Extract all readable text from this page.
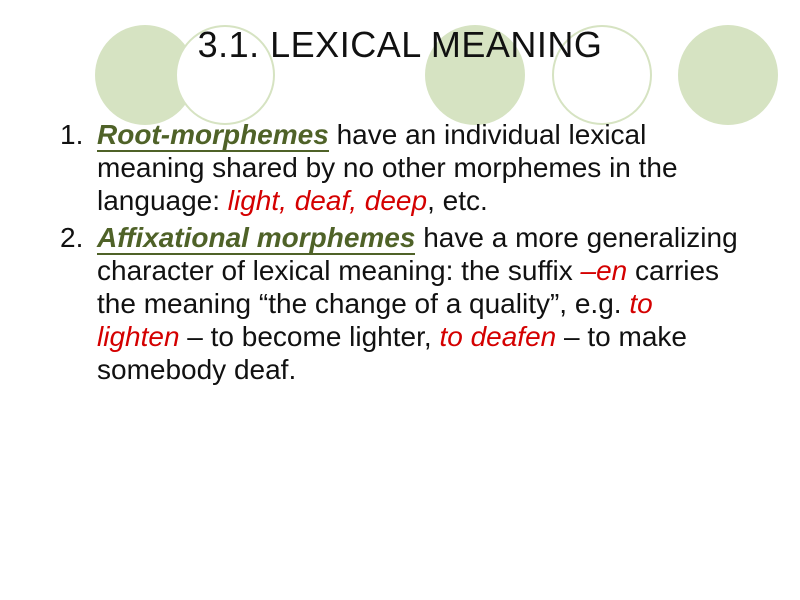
3.1. LEXICAL MEANING
1. Root-morphemes have an individual lexical meaning shared by no other morphemes in the language: light, deaf, deep, etc.
2. Affixational morphemes have a more generalizing character of lexical meaning: the suffix –en carries the meaning “the change of a quality”, e.g. to lighten – to become lighter, to deafen – to make somebody deaf.
